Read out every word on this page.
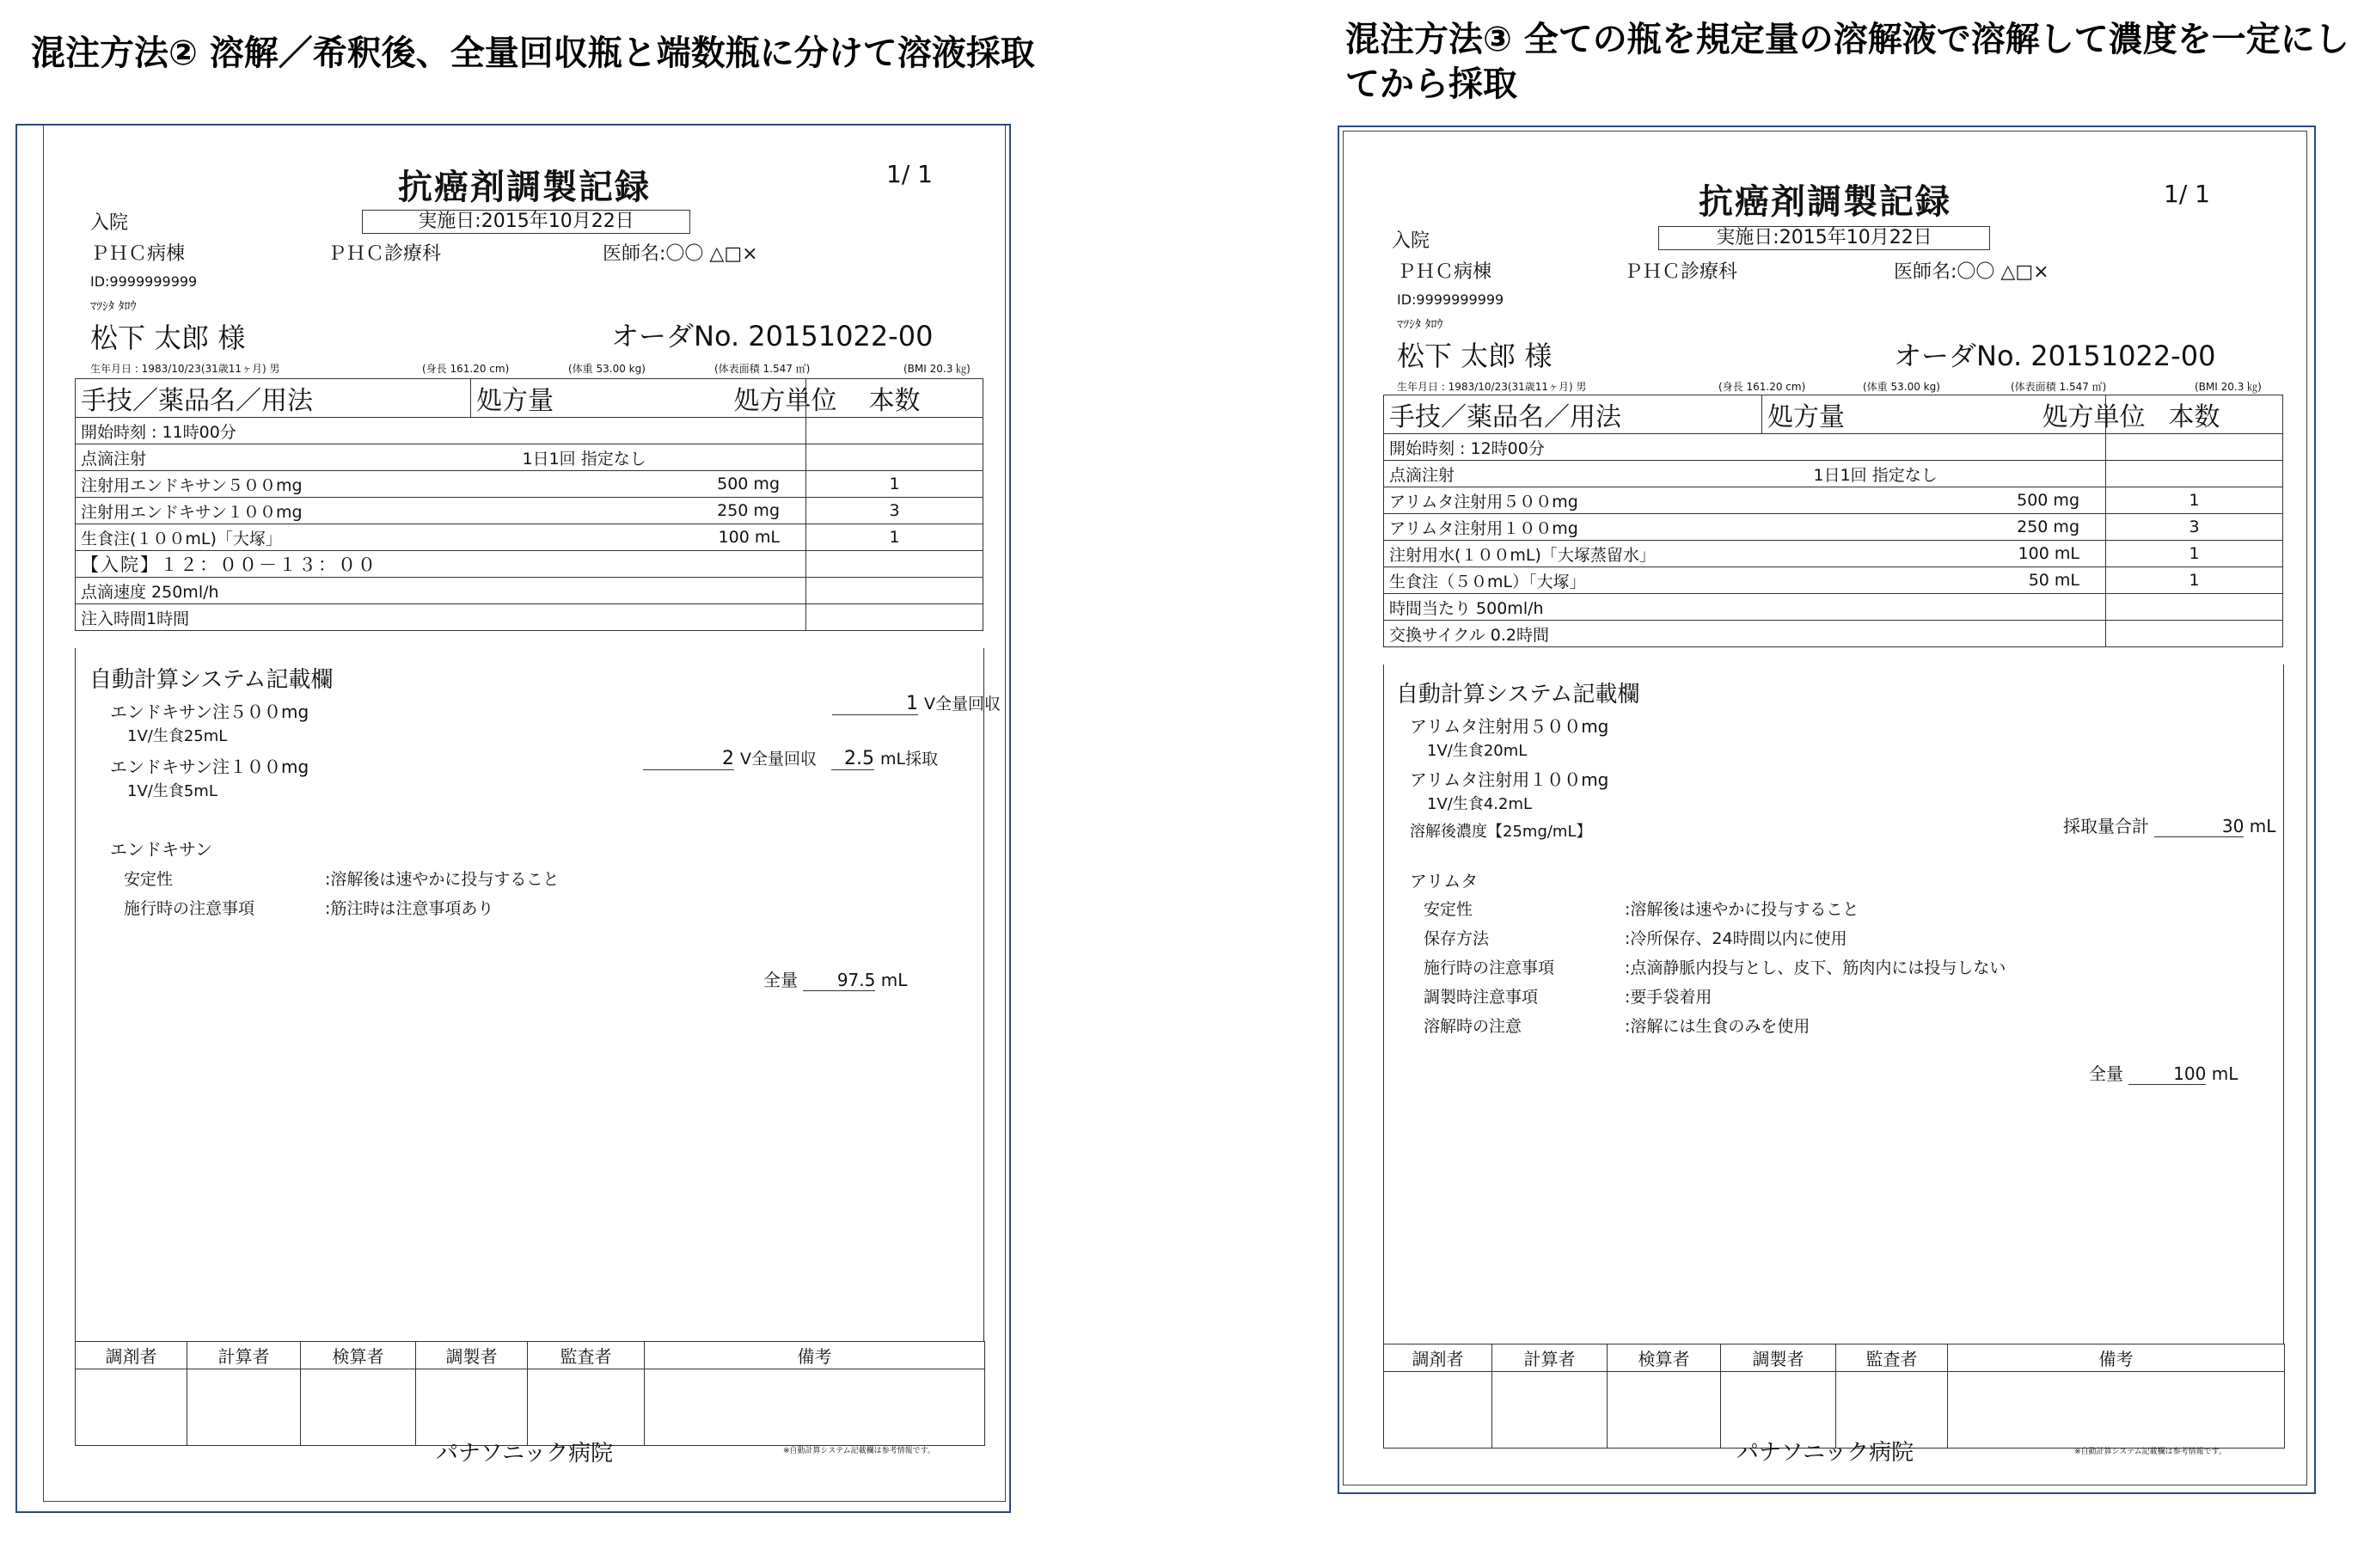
混注方法② 溶解／希釈後、全量回収瓶と端数瓶に分けて溶液採取	混注方法③ 全ての瓶を規定量の溶解液で溶解して濃度を一定にしてから採取
抗癌剤調製記録	1/ 1
入院	実施日:2015年10月22日
ＰＨＣ病棟	ＰＨＣ診療科	医師名:〇〇 △□×
ID:9999999999
ﾏﾂｼﾀ ﾀﾛｳ
松下 太郎 様	オーダNo. 20151022-00
生年月日 : 1983/10/23(31歳11ヶ月) 男	(身長 161.20 cm)	(体重 53.00 kg)	(体表面積 1.547 ㎡)	(BMI 20.3 ㎏)
手技／薬品名／用法	処方量	処方単位	本数
開始時刻 : 11時00分			
点滴注射	1日1回 指定なし		
注射用エンドキサン５００mg	500 mg		1
注射用エンドキサン１００mg	250 mg		3
生食注(１００mL)「大塚」	100 mL		1
【入院】１２：００－１３：００			
点滴速度 250ml/h			
注入時間1時間			
自動計算システム記載欄
エンドキサン注５００mg
1V/生食25mL
1 V全量回収
エンドキサン注１００mg
1V/生食5mL
2 V全量回収 2.5 mL採取
エンドキサン
安定性	:溶解後は速やかに投与すること
施行時の注意事項	:筋注時は注意事項あり
全量 97.5 mL
調剤者	計算者	検算者	調製者	監査者	備考

パナソニック病院	※自動計算システム記載欄は参考情報です。
抗癌剤調製記録	1/ 1
入院	実施日:2015年10月22日
ＰＨＣ病棟	ＰＨＣ診療科	医師名:〇〇 △□×
ID:9999999999
ﾏﾂｼﾀ ﾀﾛｳ
松下 太郎 様	オーダNo. 20151022-00
生年月日 : 1983/10/23(31歳11ヶ月) 男	(身長 161.20 cm)	(体重 53.00 kg)	(体表面積 1.547 ㎡)	(BMI 20.3 ㎏)
手技／薬品名／用法	処方量	処方単位	本数
開始時刻 : 12時00分			
点滴注射	1日1回 指定なし		
アリムタ注射用５００mg	500 mg		1
アリムタ注射用１００mg	250 mg		3
注射用水(１００mL)「大塚蒸留水」	100 mL		1
生食注（５０mL）「大塚」	50 mL		1
時間当たり 500ml/h			
交換サイクル 0.2時間			
自動計算システム記載欄
アリムタ注射用５００mg
1V/生食20mL
アリムタ注射用１００mg
1V/生食4.2mL
溶解後濃度【25mg/mL】	採取量合計	30 mL
アリムタ
安定性	:溶解後は速やかに投与すること
保存方法	:冷所保存、24時間以内に使用
施行時の注意事項	:点滴静脈内投与とし、皮下、筋肉内には投与しない
調製時注意事項	:要手袋着用
溶解時の注意	:溶解には生食のみを使用
全量	100 mL
調剤者	計算者	検算者	調製者	監査者	備考

パナソニック病院	※自動計算システム記載欄は参考情報です。
